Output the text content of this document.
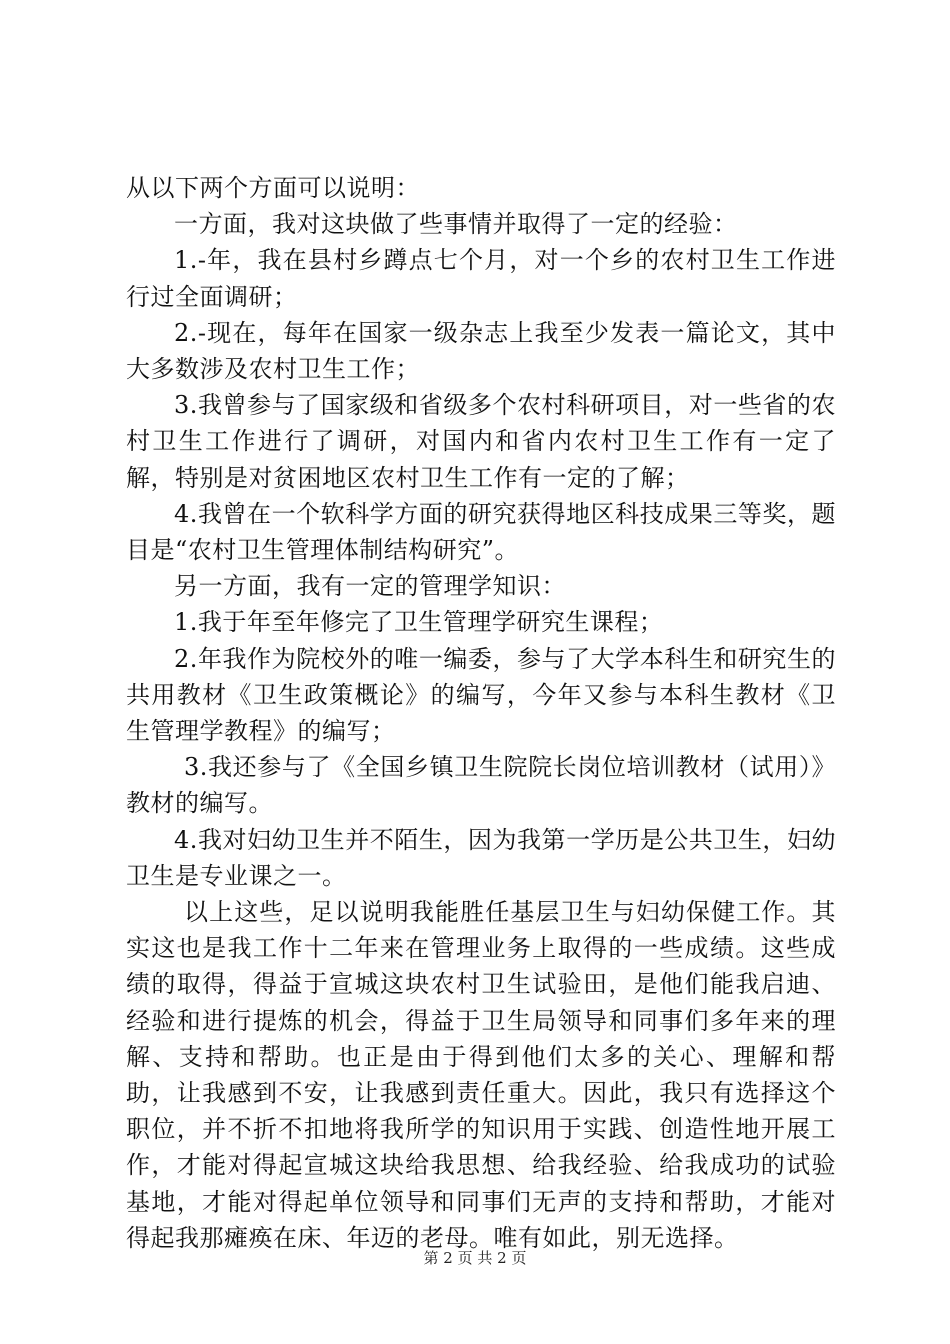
从以下两个方面可以说明：

一方面，我对这块做了些事情并取得了一定的经验：

1.-年，我在县村乡蹲点七个月，对一个乡的农村卫生工作进行过全面调研；

2.-现在，每年在国家一级杂志上我至少发表一篇论文，其中大多数涉及农村卫生工作；

3.我曾参与了国家级和省级多个农村科研项目，对一些省的农村卫生工作进行了调研，对国内和省内农村卫生工作有一定了解，特别是对贫困地区农村卫生工作有一定的了解；

4.我曾在一个软科学方面的研究获得地区科技成果三等奖，题目是“农村卫生管理体制结构研究”。

另一方面，我有一定的管理学知识：

1.我于年至年修完了卫生管理学研究生课程；

2.年我作为院校外的唯一编委，参与了大学本科生和研究生的共用教材《卫生政策概论》的编写，今年又参与本科生教材《卫生管理学教程》的编写；

3.我还参与了《全国乡镇卫生院院长岗位培训教材（试用）》教材的编写。

4.我对妇幼卫生并不陌生，因为我第一学历是公共卫生，妇幼卫生是专业课之一。

以上这些，足以说明我能胜任基层卫生与妇幼保健工作。其实这也是我工作十二年来在管理业务上取得的一些成绩。这些成绩的取得，得益于宣城这块农村卫生试验田，是他们能我启迪、经验和进行提炼的机会，得益于卫生局领导和同事们多年来的理解、支持和帮助。也正是由于得到他们太多的关心、理解和帮助，让我感到不安，让我感到责任重大。因此，我只有选择这个职位，并不折不扣地将我所学的知识用于实践、创造性地开展工作，才能对得起宣城这块给我思想、给我经验、给我成功的试验基地，才能对得起单位领导和同事们无声的支持和帮助，才能对得起我那瘫痪在床、年迈的老母。唯有如此，别无选择。

第 2 页 共 2 页
